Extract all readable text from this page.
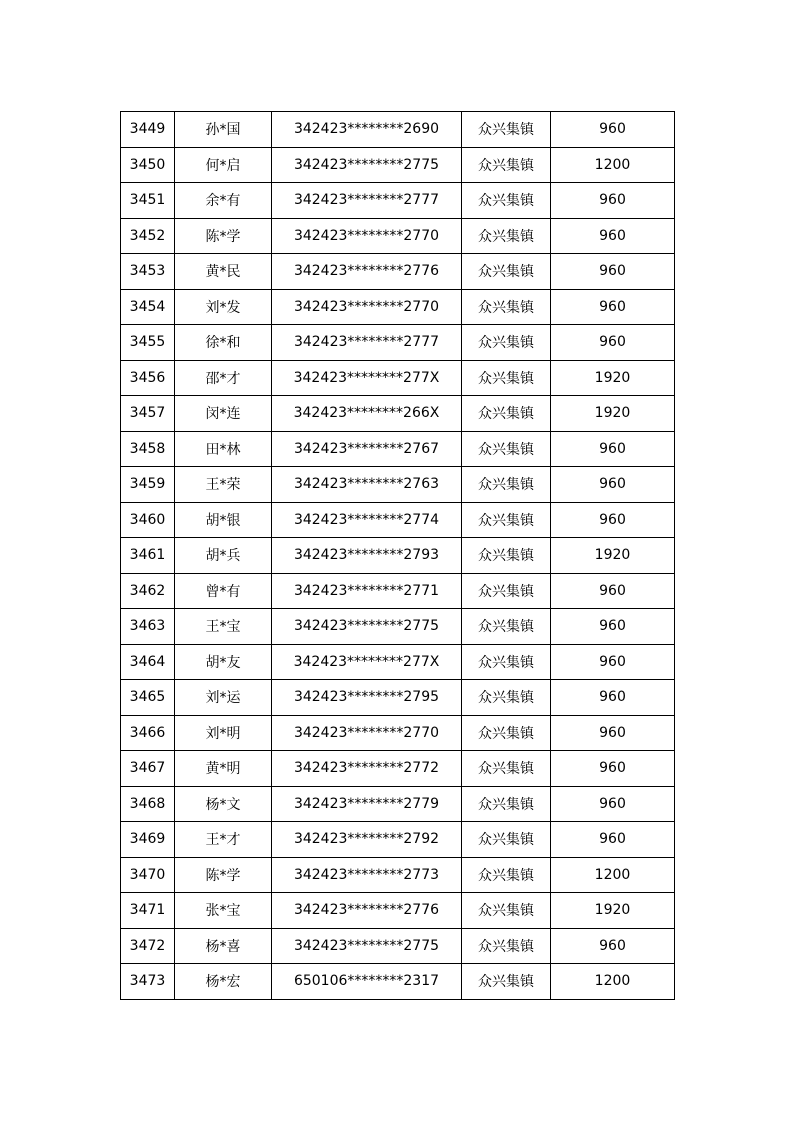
3449	孙*国	342423********2690	众兴集镇	960
3450	何*启	342423********2775	众兴集镇	1200
3451	余*有	342423********2777	众兴集镇	960
3452	陈*学	342423********2770	众兴集镇	960
3453	黄*民	342423********2776	众兴集镇	960
3454	刘*发	342423********2770	众兴集镇	960
3455	徐*和	342423********2777	众兴集镇	960
3456	邵*才	342423********277X	众兴集镇	1920
3457	闵*连	342423********266X	众兴集镇	1920
3458	田*林	342423********2767	众兴集镇	960
3459	王*荣	342423********2763	众兴集镇	960
3460	胡*银	342423********2774	众兴集镇	960
3461	胡*兵	342423********2793	众兴集镇	1920
3462	曾*有	342423********2771	众兴集镇	960
3463	王*宝	342423********2775	众兴集镇	960
3464	胡*友	342423********277X	众兴集镇	960
3465	刘*运	342423********2795	众兴集镇	960
3466	刘*明	342423********2770	众兴集镇	960
3467	黄*明	342423********2772	众兴集镇	960
3468	杨*文	342423********2779	众兴集镇	960
3469	王*才	342423********2792	众兴集镇	960
3470	陈*学	342423********2773	众兴集镇	1200
3471	张*宝	342423********2776	众兴集镇	1920
3472	杨*喜	342423********2775	众兴集镇	960
3473	杨*宏	650106********2317	众兴集镇	1200
